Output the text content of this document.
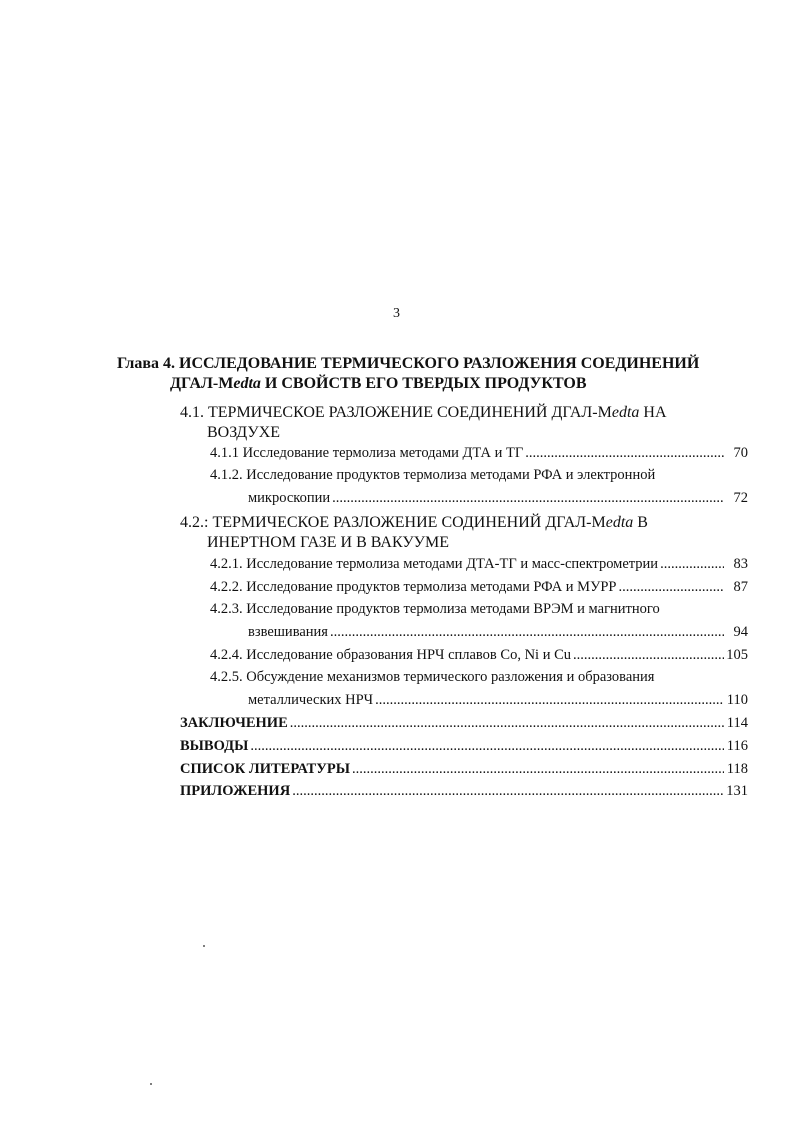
3
Глава 4. ИССЛЕДОВАНИЕ ТЕРМИЧЕСКОГО РАЗЛОЖЕНИЯ СОЕДИНЕНИЙ
ДГАЛ-Medta И СВОЙСТВ ЕГО ТВЕРДЫХ ПРОДУКТОВ
4.1. ТЕРМИЧЕСКОЕ РАЗЛОЖЕНИЕ СОЕДИНЕНИЙ ДГАЛ-Medta НА
ВОЗДУХЕ
4.1.1 Исследование термолиза методами ДТА и ТГ .....	70
4.1.2. Исследование продуктов термолиза методами РФА и электронной
микроскопии .....	72
4.2.: ТЕРМИЧЕСКОЕ РАЗЛОЖЕНИЕ СОДИНЕНИЙ ДГАЛ-Medta В
ИНЕРТНОМ ГАЗЕ И В ВАКУУМЕ
4.2.1. Исследование термолиза методами ДТА-ТГ и масс-спектрометрии .....	83
4.2.2. Исследование продуктов термолиза методами РФА и МУРР .....	87
4.2.3. Исследование продуктов термолиза методами ВРЭМ и магнитного
взвешивания .....	94
4.2.4. Исследование образования НРЧ сплавов Co, Ni и Cu .....	105
4.2.5. Обсуждение механизмов термического разложения и образования
металлических НРЧ .....	110
ЗАКЛЮЧЕНИЕ .....	114
ВЫВОДЫ .....	116
СПИСОК ЛИТЕРАТУРЫ .....	118
ПРИЛОЖЕНИЯ .....	131
